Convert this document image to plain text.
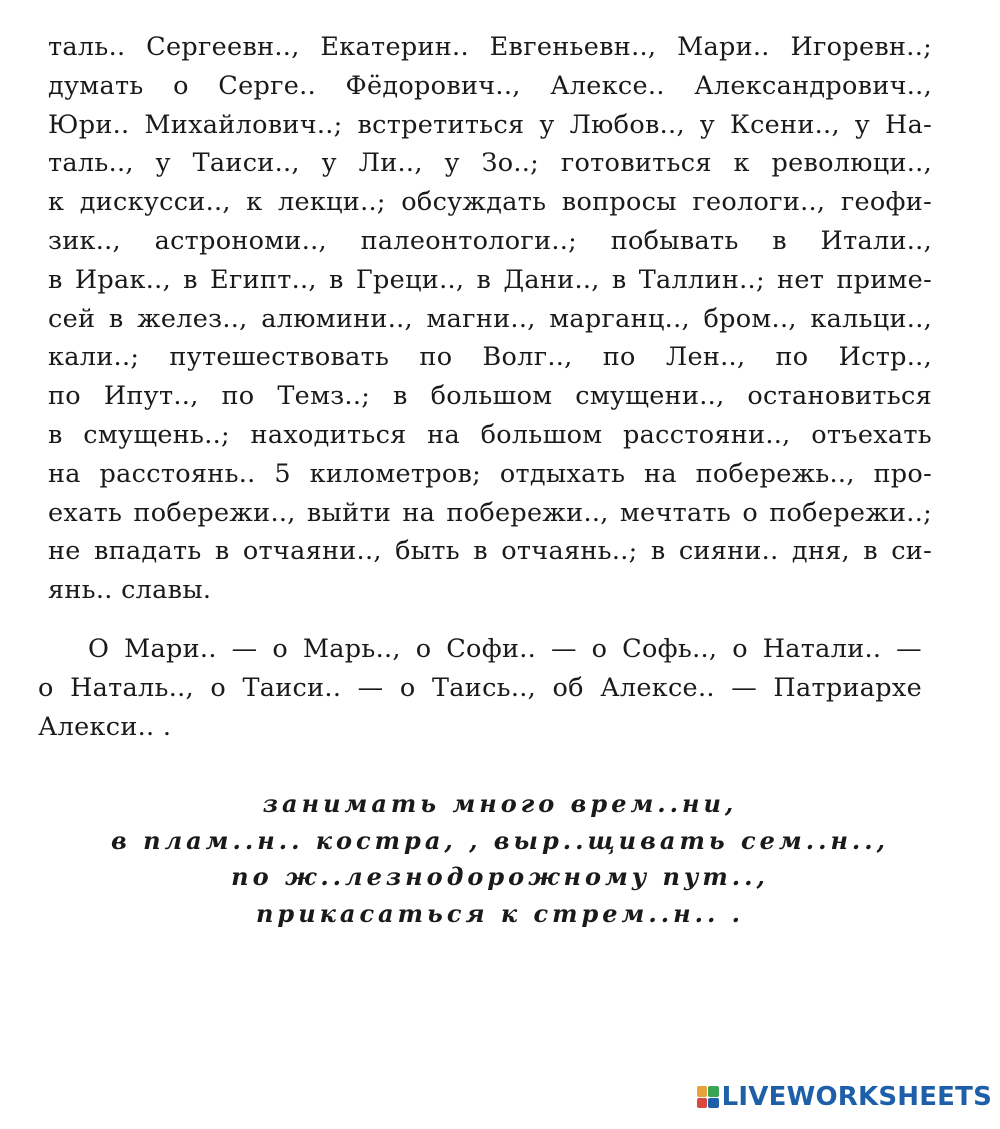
таль.. Сергеевн.., Екатерин.. Евгеньевн.., Мари.. Игоревн..;
думать о Серге.. Фёдорович.., Алексе.. Александрович..,
Юри.. Михайлович..; встретиться у Любов.., у Ксени.., у На-
таль.., у Таиси.., у Ли.., у Зо..; готовиться к революци..,
к дискусси.., к лекци..; обсуждать вопросы геологи.., геофи-
зик.., астрономи.., палеонтологи..; побывать в Итали..,
в Ирак.., в Египт.., в Греци.., в Дани.., в Таллин..; нет приме-
сей в желез.., алюмини.., магни.., марганц.., бром.., кальци..,
кали..; путешествовать по Волг.., по Лен.., по Истр..,
по Ипут.., по Темз..; в большом смущени.., остановиться
в смущень..; находиться на большом расстояни.., отъехать
на расстоянь.. 5 километров; отдыхать на побережь.., про-
ехать побережи.., выйти на побережи.., мечтать о побережи..;
не впадать в отчаяни.., быть в отчаянь..; в сияни.. дня, в си-
янь.. славы.
О Мари.. — о Марь.., о Софи.. — о Софь.., о Натали.. —
о Наталь.., о Таиси.. — о Таись.., об Алексе.. — Патриархе
Алекси.. .
занимать много врем..ни,
в плам..н.. костра, , выр..щивать сем..н..,
по ж..лезнодорожному пут..,
прикасаться к стрем..н.. .
LIVEWORKSHEETS
